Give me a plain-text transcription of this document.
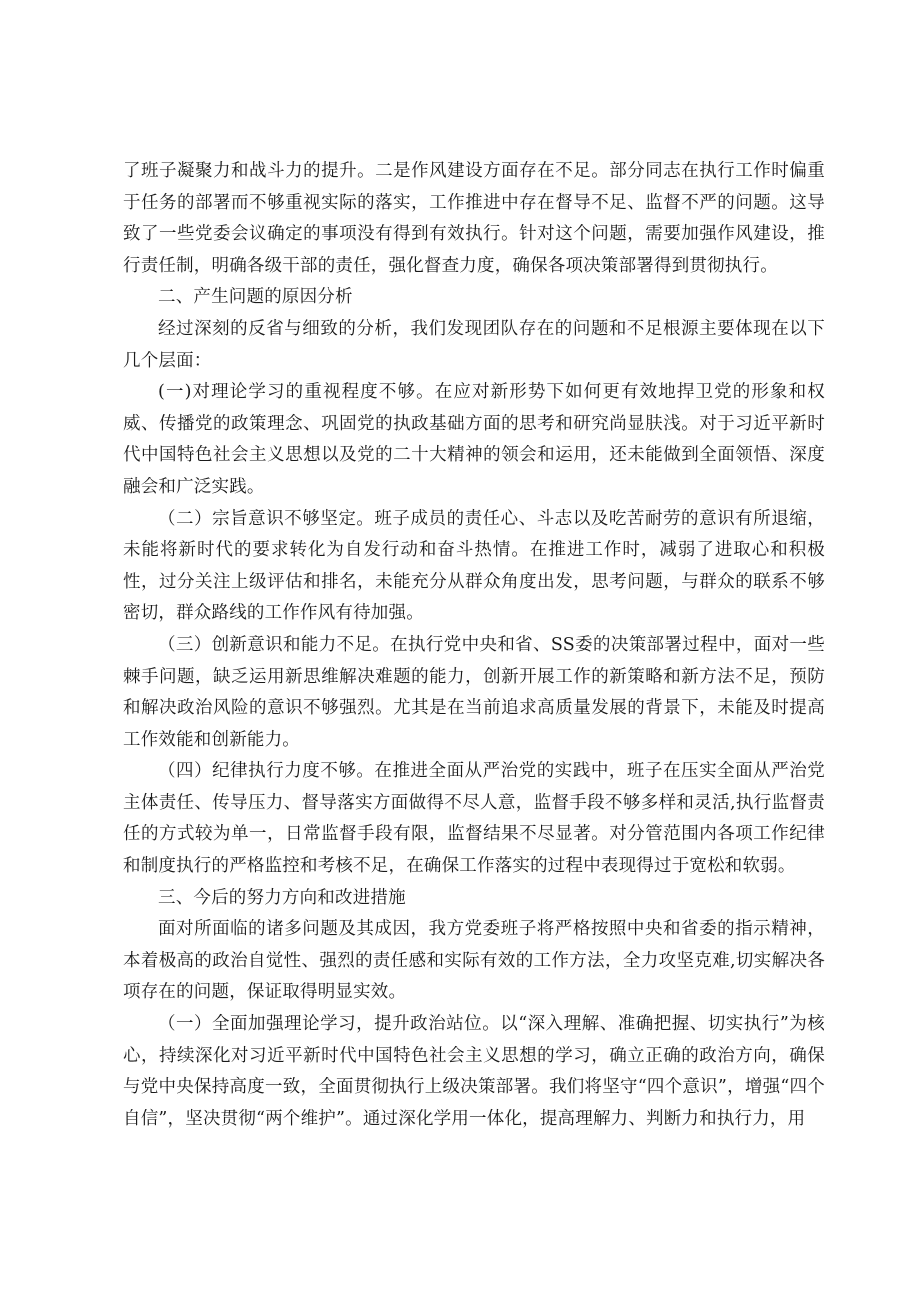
了班子凝聚力和战斗力的提升。二是作风建设方面存在不足。部分同志在执行工作时偏重于任务的部署而不够重视实际的落实，工作推进中存在督导不足、监督不严的问题。这导致了一些党委会议确定的事项没有得到有效执行。针对这个问题，需要加强作风建设，推行责任制，明确各级干部的责任，强化督查力度，确保各项决策部署得到贯彻执行。

二、产生问题的原因分析

经过深刻的反省与细致的分析，我们发现团队存在的问题和不足根源主要体现在以下几个层面：

(一)对理论学习的重视程度不够。在应对新形势下如何更有效地捍卫党的形象和权威、传播党的政策理念、巩固党的执政基础方面的思考和研究尚显肤浅。对于习近平新时代中国特色社会主义思想以及党的二十大精神的领会和运用，还未能做到全面领悟、深度融会和广泛实践。

（二）宗旨意识不够坚定。班子成员的责任心、斗志以及吃苦耐劳的意识有所退缩，未能将新时代的要求转化为自发行动和奋斗热情。在推进工作时，减弱了进取心和积极性，过分关注上级评估和排名，未能充分从群众角度出发，思考问题，与群众的联系不够密切，群众路线的工作作风有待加强。

（三）创新意识和能力不足。在执行党中央和省、SS委的决策部署过程中，面对一些棘手问题，缺乏运用新思维解决难题的能力，创新开展工作的新策略和新方法不足，预防和解决政治风险的意识不够强烈。尤其是在当前追求高质量发展的背景下，未能及时提高工作效能和创新能力。

（四）纪律执行力度不够。在推进全面从严治党的实践中，班子在压实全面从严治党主体责任、传导压力、督导落实方面做得不尽人意，监督手段不够多样和灵活,执行监督责任的方式较为单一，日常监督手段有限，监督结果不尽显著。对分管范围内各项工作纪律和制度执行的严格监控和考核不足，在确保工作落实的过程中表现得过于宽松和软弱。

三、今后的努力方向和改进措施

面对所面临的诸多问题及其成因，我方党委班子将严格按照中央和省委的指示精神，本着极高的政治自觉性、强烈的责任感和实际有效的工作方法，全力攻坚克难,切实解决各项存在的问题，保证取得明显实效。

（一）全面加强理论学习，提升政治站位。以“深入理解、准确把握、切实执行”为核心，持续深化对习近平新时代中国特色社会主义思想的学习，确立正确的政治方向，确保与党中央保持高度一致，全面贯彻执行上级决策部署。我们将坚守“四个意识”，增强“四个自信”，坚决贯彻“两个维护”。通过深化学用一体化，提高理解力、判断力和执行力，用
